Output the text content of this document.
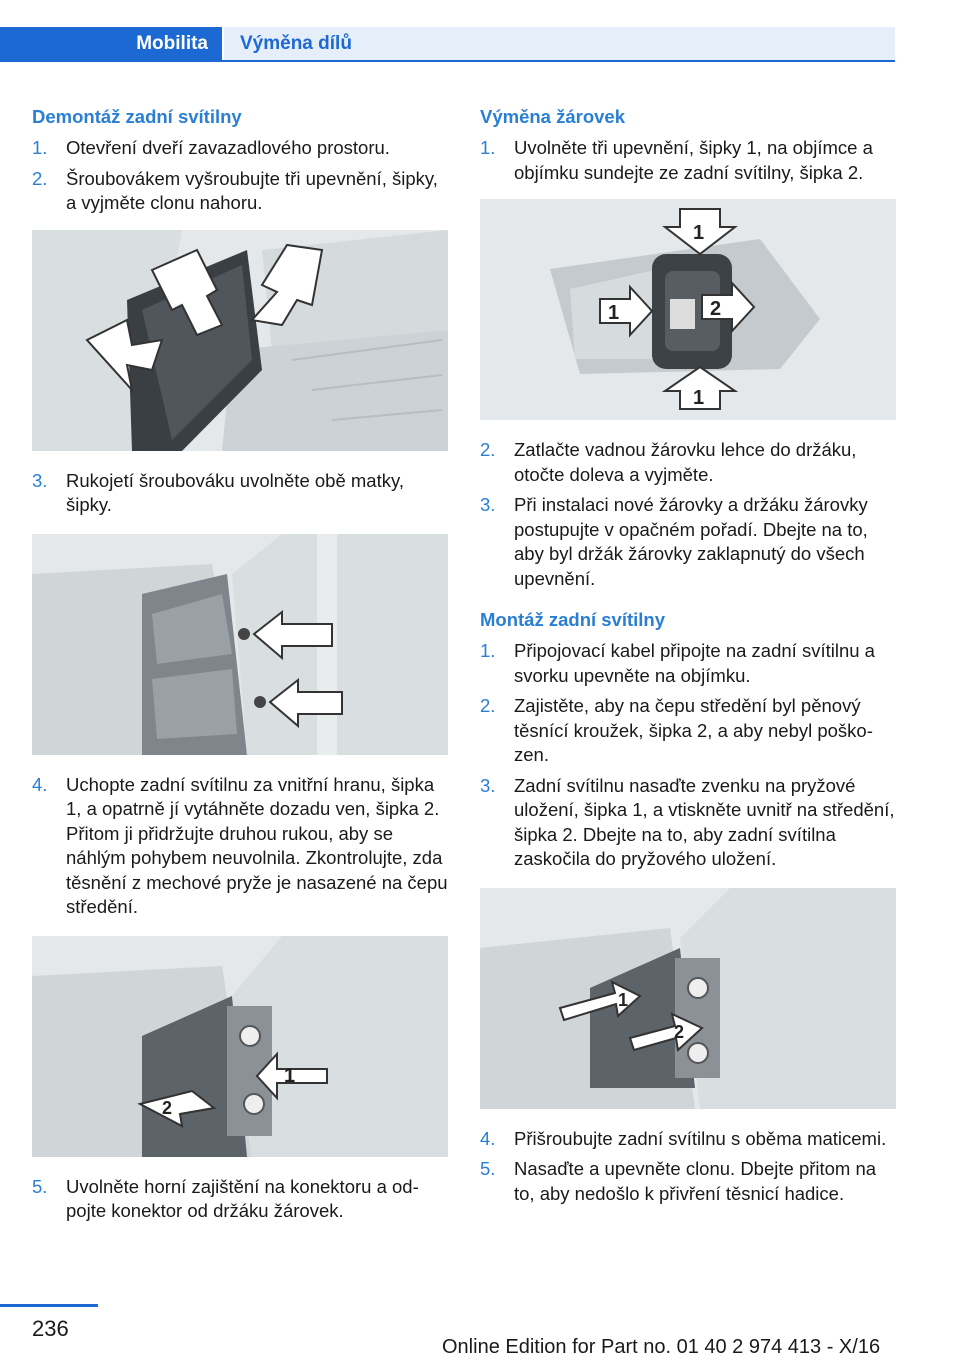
Mobilita Výměna dílů
Demontáž zadní svítilny
1.	Otevření dveří zavazadlového prostoru.
2.	Šroubovákem vyšroubujte tři upevnění, šipky, a vyjměte clonu nahoru.
3.	Rukojetí šroubováku uvolněte obě matky, šipky.
4.	Uchopte zadní svítilnu za vnitřní hranu, šipka 1, a opatrně jí vytáhněte dozadu ven, šipka 2. Přitom ji přidržujte druhou rukou, aby se náhlým pohybem neuvolnila. Zkontrolujte, zda těsnění z mechové pryže je nasazené na čepu středění.
1
2
5.	Uvolněte horní zajištění na konektoru a odpojte konektor od držáku žárovek.
Výměna žárovek
1.	Uvolněte tři upevnění, šipky 1, na objímce a objímku sundejte ze zadní svítilny, šipka 2.
1
1	2
1
2.	Zatlačte vadnou žárovku lehce do držáku, otočte doleva a vyjměte.
3.	Při instalaci nové žárovky a držáku žárovky postupujte v opačném pořadí. Dbejte na to, aby byl držák žárovky zaklapnutý do všech upevnění.
Montáž zadní svítilny
1.	Připojovací kabel připojte na zadní svítilnu a svorku upevněte na objímku.
2.	Zajistěte, aby na čepu středění byl pěnový těsnící kroužek, šipka 2, a aby nebyl poškozen.
3.	Zadní svítilnu nasaďte zvenku na pryžové uložení, šipka 1, a vtiskněte uvnitř na středění, šipka 2. Dbejte na to, aby zadní svítilna zaskočila do pryžového uložení.
1
2
4.	Přišroubujte zadní svítilnu s oběma maticemi.
5.	Nasaďte a upevněte clonu. Dbejte přitom na to, aby nedošlo k přivření těsnicí hadice.
236
Online Edition for Part no. 01 40 2 974 413 - X/16
